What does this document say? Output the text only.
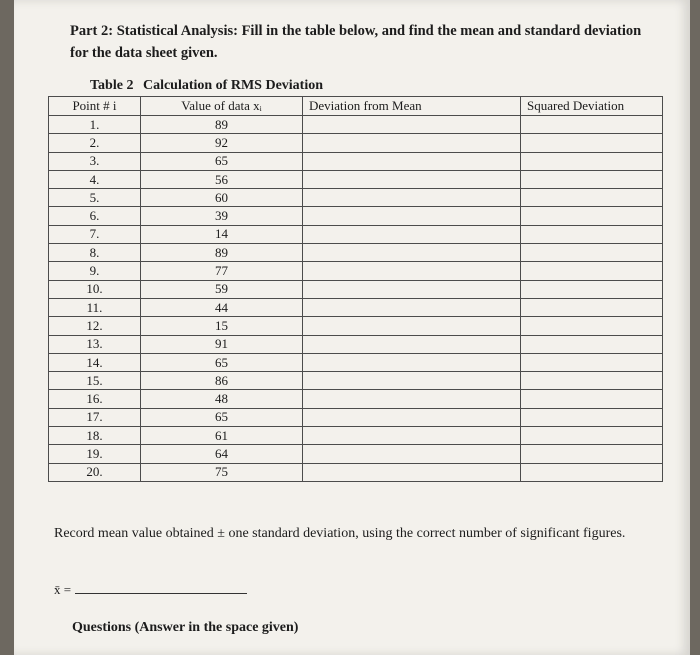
Part 2: Statistical Analysis: Fill in the table below, and find the mean and standard deviation for the data sheet given.
Table 2 Calculation of RMS Deviation
Point # i	Value of data xᵢ	Deviation from Mean	Squared Deviation
1.	89		
2.	92		
3.	65		
4.	56		
5.	60		
6.	39		
7.	14		
8.	89		
9.	77		
10.	59		
11.	44		
12.	15		
13.	91		
14.	65		
15.	86		
16.	48		
17.	65		
18.	61		
19.	64		
20.	75		
Record mean value obtained ± one standard deviation, using the correct number of significant figures.
x̄ =
Questions (Answer in the space given)
